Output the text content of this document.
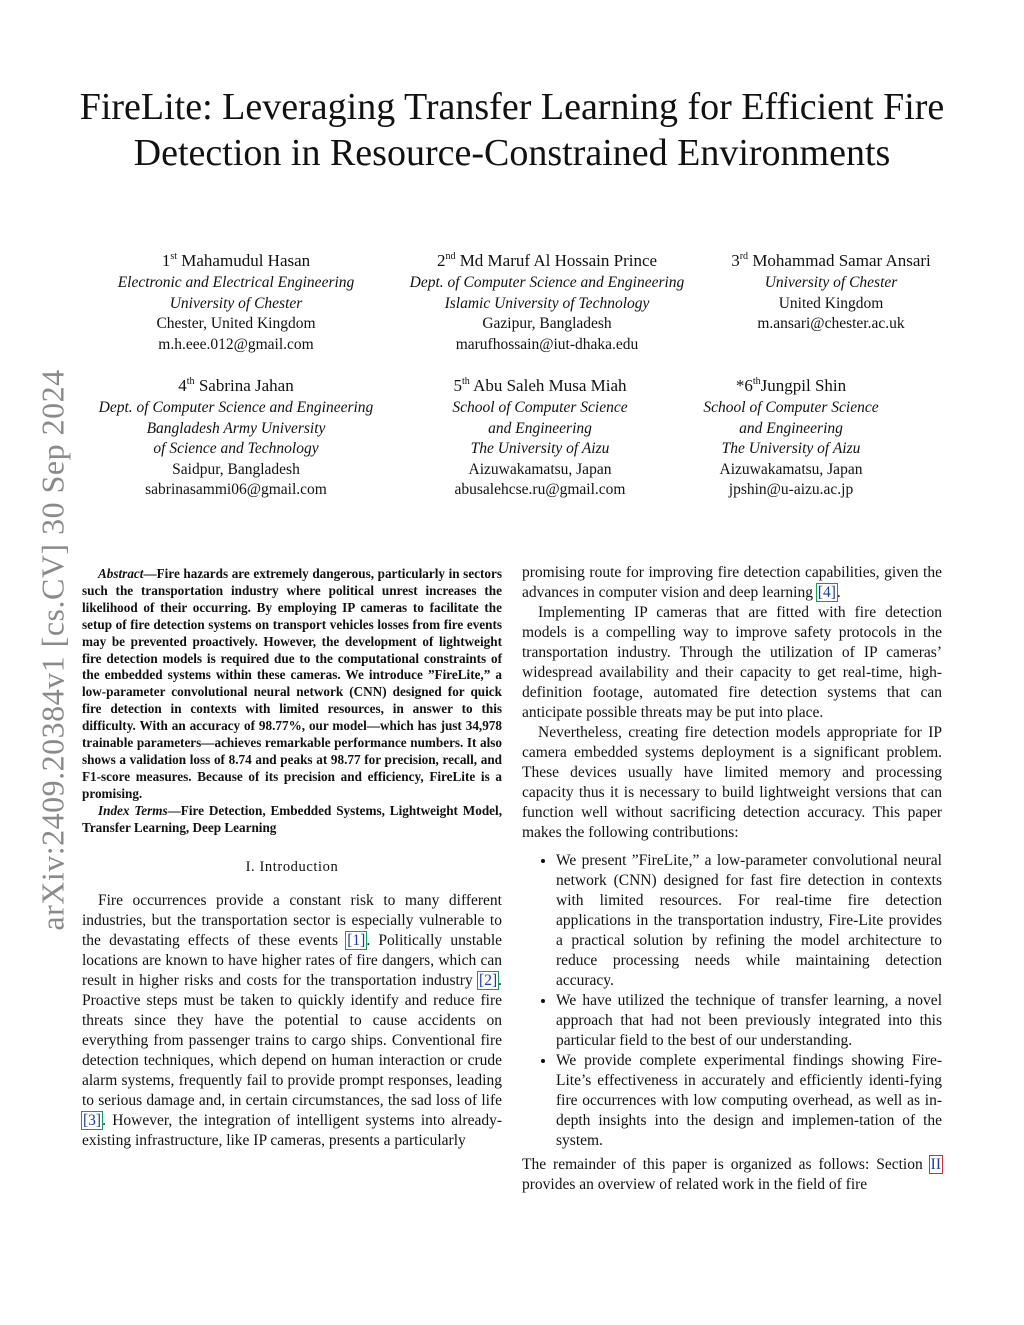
arXiv:2409.20384v1 [cs.CV] 30 Sep 2024
FireLite: Leveraging Transfer Learning for Efficient Fire Detection in Resource-Constrained Environments
1st Mahamudul Hasan
Electronic and Electrical Engineering
University of Chester
Chester, United Kingdom
m.h.eee.012@gmail.com
2nd Md Maruf Al Hossain Prince
Dept. of Computer Science and Engineering
Islamic University of Technology
Gazipur, Bangladesh
marufhossain@iut-dhaka.edu
3rd Mohammad Samar Ansari
University of Chester
United Kingdom
m.ansari@chester.ac.uk
4th Sabrina Jahan
Dept. of Computer Science and Engineering
Bangladesh Army University
of Science and Technology
Saidpur, Bangladesh
sabrinasammi06@gmail.com
5th Abu Saleh Musa Miah
School of Computer Science
and Engineering
The University of Aizu
Aizuwakamatsu, Japan
abusalehcse.ru@gmail.com
*6thJungpil Shin
School of Computer Science
and Engineering
The University of Aizu
Aizuwakamatsu, Japan
jpshin@u-aizu.ac.jp

Abstract—Fire hazards are extremely dangerous, particularly in sectors such the transportation industry where political unrest increases the likelihood of their occurring. By employing IP cameras to facilitate the setup of fire detection systems on transport vehicles losses from fire events may be prevented proactively. However, the development of lightweight fire detection models is required due to the computational constraints of the embedded systems within these cameras. We introduce ”FireLite,” a low-parameter convolutional neural network (CNN) designed for quick fire detection in contexts with limited resources, in answer to this difficulty. With an accuracy of 98.77%, our model—which has just 34,978 trainable parameters—achieves remarkable performance numbers. It also shows a validation loss of 8.74 and peaks at 98.77 for precision, recall, and F1-score measures. Because of its precision and efficiency, FireLite is a promising.

Index Terms—Fire Detection, Embedded Systems, Lightweight Model, Transfer Learning, Deep Learning

I. Introduction

Fire occurrences provide a constant risk to many different industries, but the transportation sector is especially vulnerable to the devastating effects of these events [1]. Politically unstable locations are known to have higher rates of fire dangers, which can result in higher risks and costs for the transportation industry [2]. Proactive steps must be taken to quickly identify and reduce fire threats since they have the potential to cause accidents on everything from passenger trains to cargo ships. Conventional fire detection techniques, which depend on human interaction or crude alarm systems, frequently fail to provide prompt responses, leading to serious damage and, in certain circumstances, the sad loss of life [3]. However, the integration of intelligent systems into already-existing infrastructure, like IP cameras, presents a particularly

promising route for improving fire detection capabilities, given the advances in computer vision and deep learning [4].

Implementing IP cameras that are fitted with fire detection models is a compelling way to improve safety protocols in the transportation industry. Through the utilization of IP cameras’ widespread availability and their capacity to get real-time, high-definition footage, automated fire detection systems that can anticipate possible threats may be put into place.

Nevertheless, creating fire detection models appropriate for IP camera embedded systems deployment is a significant problem. These devices usually have limited memory and processing capacity thus it is necessary to build lightweight versions that can function well without sacrificing detection accuracy. This paper makes the following contributions:

• We present ”FireLite,” a low-parameter convolutional neural network (CNN) designed for fast fire detection in contexts with limited resources. For real-time fire detection applications in the transportation industry, Fire-Lite provides a practical solution by refining the model architecture to reduce processing needs while maintaining detection accuracy.
• We have utilized the technique of transfer learning, a novel approach that had not been previously integrated into this particular field to the best of our understanding.
• We provide complete experimental findings showing Fire-Lite’s effectiveness in accurately and efficiently identi-fying fire occurrences with low computing overhead, as well as in-depth insights into the design and implemen-tation of the system.

The remainder of this paper is organized as follows: Section II provides an overview of related work in the field of fire
